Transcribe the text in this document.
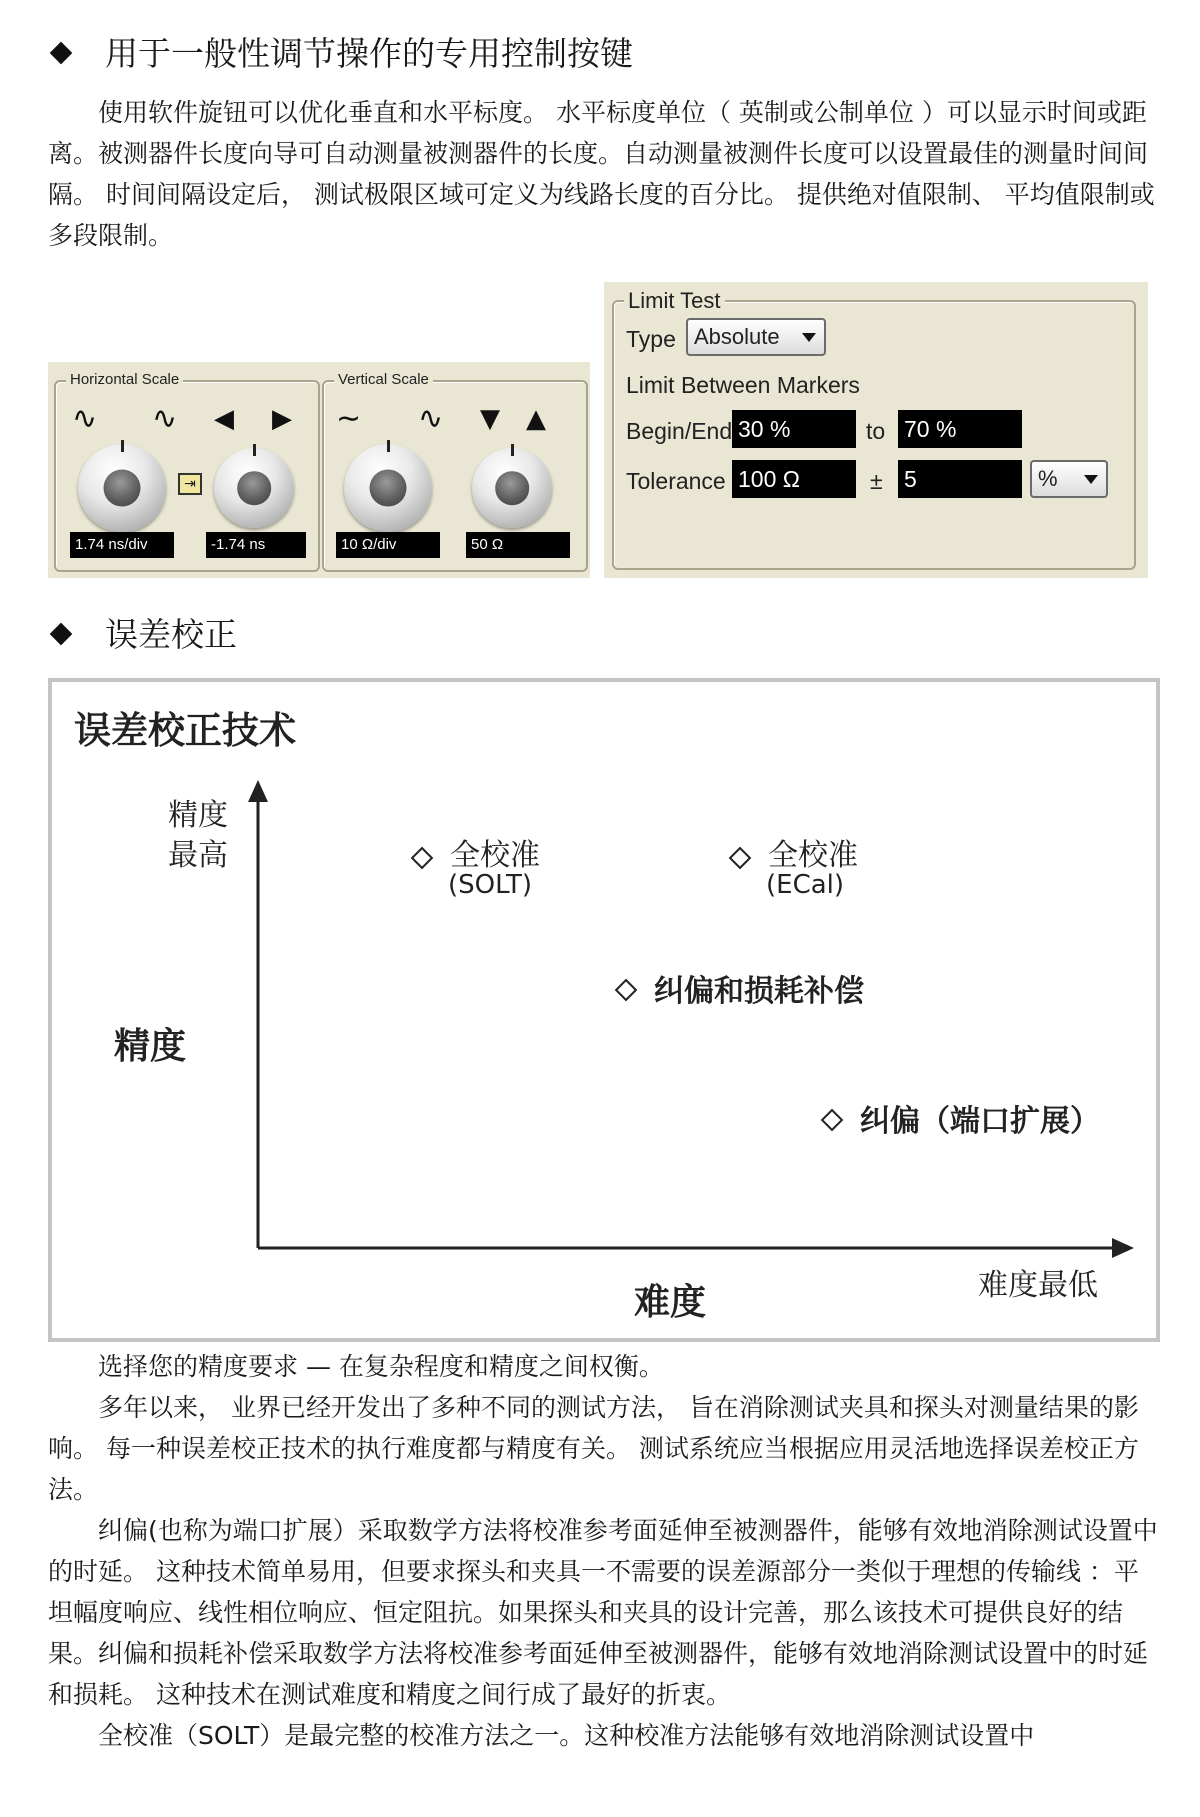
用于一般性调节操作的专用控制按键

使用软件旋钮可以优化垂直和水平标度。 水平标度单位（ 英制或公制单位 ）可以显示时间或距离。被测器件长度向导可自动测量被测器件的长度。自动测量被测件长度可以设置最佳的测量时间间隔。 时间间隔设定后， 测试极限区域可定义为线路长度的百分比。 提供绝对值限制、 平均值限制或多段限制。

Horizontal Scale
∿ ∿ ◀ ▶
⇥
1.74 ns/div	-1.74 ns
Vertical Scale
∼ ∿ ▼ ▲
10 Ω/div	50 Ω
Limit Test
Type Absolute
Limit Between Markers
Begin/End 30 %	to 70 %
Tolerance 100 Ω	± 5	%
误差校正
误差校正技术
精度
最高
精度
难度	难度最低
全校准
(SOLT)
全校准
(ECal)
纠偏和损耗补偿
纠偏（端口扩展）

选择您的精度要求 — 在复杂程度和精度之间权衡。

多年以来， 业界已经开发出了多种不同的测试方法， 旨在消除测试夹具和探头对测量结果的影响。 每一种误差校正技术的执行难度都与精度有关。 测试系统应当根据应用灵活地选择误差校正方法。

纠偏(也称为端口扩展）采取数学方法将校准参考面延伸至被测器件，能够有效地消除测试设置中的时延。 这种技术简单易用，但要求探头和夹具一不需要的误差源部分一类似于理想的传输线 ：平坦幅度响应、线性相位响应、恒定阻抗。如果探头和夹具的设计完善，那么该技术可提供良好的结果。纠偏和损耗补偿采取数学方法将校准参考面延伸至被测器件，能够有效地消除测试设置中的时延和损耗。 这种技术在测试难度和精度之间行成了最好的折衷。

全校准（SOLT）是最完整的校准方法之一。这种校准方法能够有效地消除测试设置中
